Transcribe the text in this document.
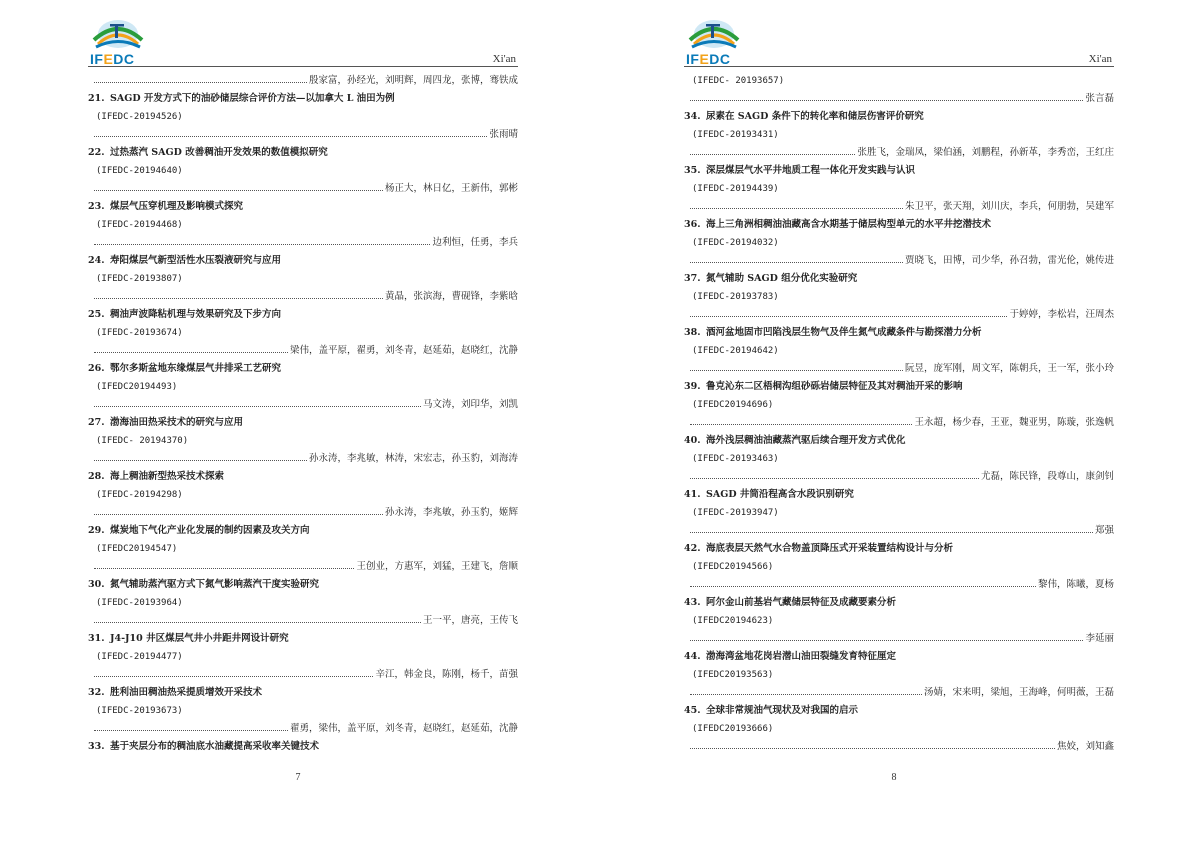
IFEDC	Xi'an
殷家富，孙经光，刘明辉，周四龙，张博，骞铁成
21. SAGD 开发方式下的油砂储层综合评价方法—以加拿大 L 油田为例
(IFEDC-20194526)
张雨晴
22. 过热蒸汽 SAGD 改善稠油开发效果的数值模拟研究
(IFEDC-20194640)
杨正大，林日亿，王新伟，郭彬
23. 煤层气压穿机理及影响模式探究
(IFEDC-20194468)
边利恒，任勇，李兵
24. 寿阳煤层气新型活性水压裂液研究与应用
(IFEDC-20193807)
黄晶，张滨海，曹砚锋，李紫晗
25. 稠油声波降粘机理与效果研究及下步方向
(IFEDC-20193674)
梁伟，盖平原，翟勇，刘冬青，赵延茹，赵晓红，沈静
26. 鄂尔多斯盆地东缘煤层气井排采工艺研究
(IFEDC20194493)
马文涛，刘印华，刘凯
27. 渤海油田热采技术的研究与应用
(IFEDC- 20194370)
孙永涛，李兆敏，林涛，宋宏志，孙玉豹，刘海涛
28. 海上稠油新型热采技术探索
(IFEDC-20194298)
孙永涛，李兆敏，孙玉豹，姬辉
29. 煤炭地下气化产业化发展的制约因素及攻关方向
(IFEDC20194547)
王创业，方惠军，刘猛，王建飞，詹顺
30. 氮气辅助蒸汽驱方式下氮气影响蒸汽干度实验研究
(IFEDC-20193964)
王一平，唐亮，王传飞
31. J4-J10 井区煤层气井小井距井网设计研究
(IFEDC-20194477)
辛江，韩金良，陈刚，杨千，苗强
32. 胜利油田稠油热采提质增效开采技术
(IFEDC-20193673)
翟勇，梁伟，盖平原，刘冬青，赵晓红，赵延茹，沈静
33. 基于夹层分布的稠油底水油藏提高采收率关键技术
7
IFEDC	Xi'an
(IFEDC- 20193657)
张言磊
34. 尿素在 SAGD 条件下的转化率和储层伤害评价研究
(IFEDC-20193431)
张胜飞，金瑞凤，梁伯涵，刘鹏程，孙新革，李秀峦，王红庄
35. 深层煤层气水平井地质工程一体化开发实践与认识
(IFEDC-20194439)
朱卫平，张天翔，刘川庆，李兵，何朋勃，吴建军
36. 海上三角洲相稠油油藏高含水期基于储层构型单元的水平井挖潜技术
(IFEDC-20194032)
贾晓飞，田博，司少华，孙召勃，雷光伦，姚传进
37. 氮气辅助 SAGD 组分优化实验研究
(IFEDC-20193783)
于婷婷，李松岩，汪周杰
38. 酒河盆地固市凹陷浅层生物气及伴生氮气成藏条件与勘探潜力分析
(IFEDC-20194642)
阮昱，庞军刚，周文军，陈朝兵，王一军，张小玲
39. 鲁克沁东二区梧桐沟组砂砾岩储层特征及其对稠油开采的影响
(IFEDC20194696)
王永超，杨少春，王亚，魏亚男，陈璇，张逸帆
40. 海外浅层稠油油藏蒸汽驱后续合理开发方式优化
(IFEDC-20193463)
尤磊，陈民锋，段尊山，康剑钊
41. SAGD 井筒沿程高含水段识别研究
(IFEDC-20193947)
郑强
42. 海底表层天然气水合物盖顶降压式开采装置结构设计与分析
(IFEDC20194566)
黎伟，陈曦，夏杨
43. 阿尔金山前基岩气藏储层特征及成藏要素分析
(IFEDC20194623)
李延丽
44. 渤海湾盆地花岗岩潜山油田裂缝发育特征厘定
(IFEDC20193563)
汤婧，宋来明，梁旭，王海峰，何明薇，王磊
45. 全球非常规油气现状及对我国的启示
(IFEDC20193666)
焦姣，刘知鑫
8
